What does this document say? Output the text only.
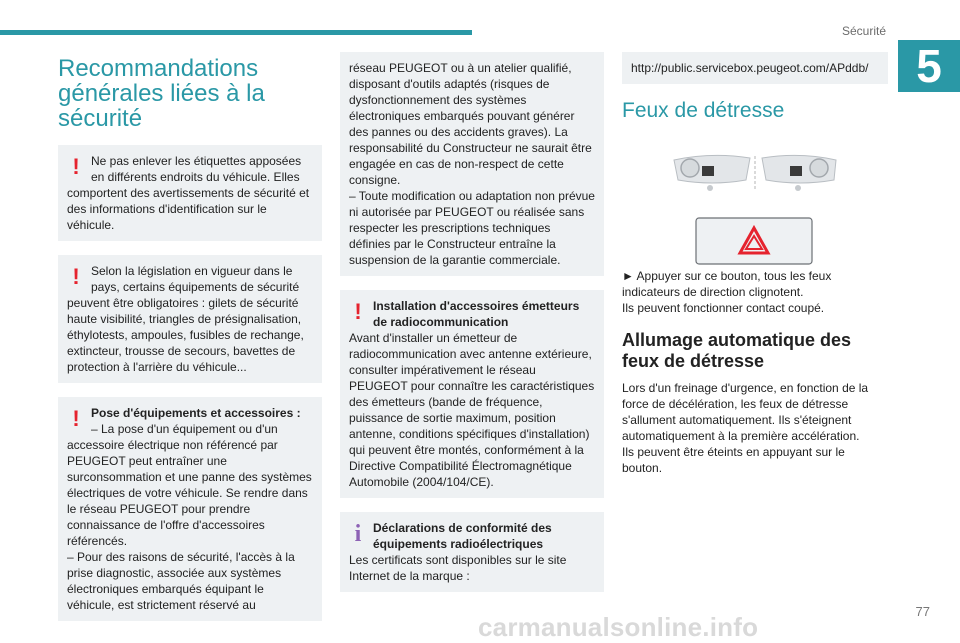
Sécurité
5
Recommandations générales liées à la sécurité
! Ne pas enlever les étiquettes apposées en différents endroits du véhicule. Elles
comportent des avertissements de sécurité et des informations d'identification sur le véhicule.
! Selon la législation en vigueur dans le pays, certains équipements de sécurité
peuvent être obligatoires : gilets de sécurité
haute visibilité, triangles de présignalisation, éthylotests, ampoules, fusibles de rechange, extincteur, trousse de secours, bavettes de protection à l'arrière du véhicule...
! Pose d'équipements et accessoires :
– La pose d'un équipement ou d'un
accessoire électrique non référencé par PEUGEOT peut entraîner une surconsommation et une panne des systèmes électriques de votre véhicule. Se rendre dans le réseau PEUGEOT pour prendre connaissance de l'offre d'accessoires référencés.
– Pour des raisons de sécurité, l'accès à la prise diagnostic, associée aux systèmes électroniques embarqués équipant le véhicule, est strictement réservé au
réseau PEUGEOT ou à un atelier qualifié, disposant d'outils adaptés (risques de dysfonctionnement des systèmes électroniques embarqués pouvant générer des pannes ou des accidents graves). La responsabilité du Constructeur ne saurait être engagée en cas de non-respect de cette consigne.
– Toute modification ou adaptation non prévue ni autorisée par PEUGEOT ou réalisée sans respecter les prescriptions techniques définies par le Constructeur entraîne la suspension de la garantie commerciale.
! Installation d'accessoires émetteurs de radiocommunication
Avant d'installer un émetteur de radiocommunication avec antenne extérieure, consulter impérativement le réseau PEUGEOT pour connaître les caractéristiques des émetteurs (bande de fréquence, puissance de sortie maximum, position antenne, conditions spécifiques d'installation) qui peuvent être montés, conformément à la Directive Compatibilité Électromagnétique Automobile (2004/104/CE).
i Déclarations de conformité des équipements radioélectriques
Les certificats sont disponibles sur le site Internet de la marque :
http://public.servicebox.peugeot.com/APddb/
Feux de détresse

► Appuyer sur ce bouton, tous les feux indicateurs de direction clignotent.

Ils peuvent fonctionner contact coupé.

Allumage automatique des feux de détresse

Lors d'un freinage d'urgence, en fonction de la force de décélération, les feux de détresse s'allument automatiquement. Ils s'éteignent automatiquement à la première accélération.

Ils peuvent être éteints en appuyant sur le bouton.

77
carmanualsonline.info
